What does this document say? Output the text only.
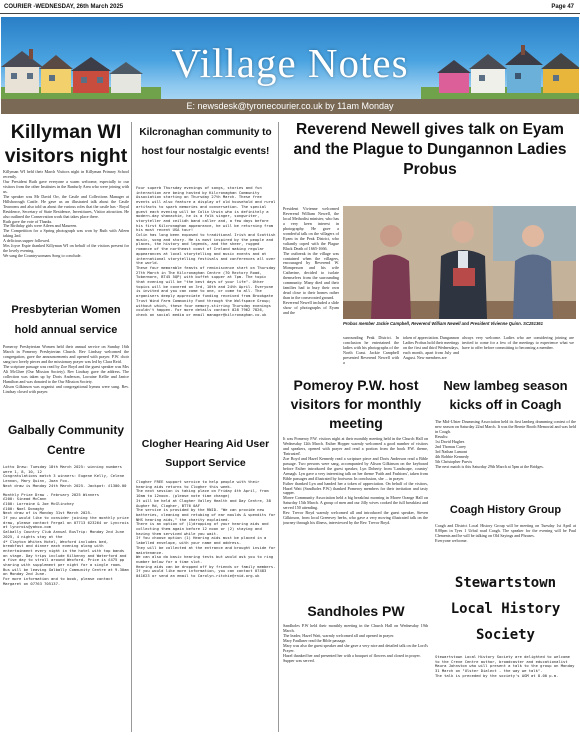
COURIER -WEDNESDAY, 26th March 2025	Page 47
Village Notes
E: newsdesk@tyronecourier.co.uk by 11am Monday
Killyman WI visitors night

Killyman WI held their March Visitors night in Killyman Primary School recently.

Our President Ruth gave everyone a warm welcome, especially to our visitors from the other Institutes in the Ranfurly Area who were joining with us.

The speaker was Mr David Orr, the Castle and Collections Manager at Hillsborough Castle. He gave us an illustrated talk about the Castle Tearooms and also told us about the various roles that the castle has - Royal Residence, Secretary of State Residence, Investitures, Visitor attraction. He also outlined the Conservation work that takes place there.

Ruth gave the vote of Thanks.

The Birthday girls were Aileen and Maureen.

The Competition for a Spring photograph was won by Ruth with Aileen taking 2nd.

A delicious supper followed.

Mrs Joyce Espie thanked Killyman WI on behalf of the visitors present for the lovely evening.

We sang the Countrywomans Song to conclude.

Presbyterian Women hold annual service

Pomeroy Presbyterian Women held their annual service on Sunday 16th March in Pomeroy Presbyterian Church. Rev Lindsay welcomed the congregation, gave the announcements and opened with prayer. P.W. choir sang two lovely pieces and the missionary prayer was led by Clara Reid.

The scripture passage was read by Zoe Boyd and the guest speaker was Mrs Ali McGhee (Our Mission Society). Rev Lindsay gave the address. The collection was taken up by Doris Anderson, Lorraine Kellie and Janice Hamilton and was donated to the Our Mission Society.

Alison Gilkinson was organist and congregational hymns were sung. Rev. Lindsay closed with prayer.

Galbally Community Centre

Lotto Draw: Tuesday 18th March 2025: winning numbers were 1, 8, 10, 12

Congratulations match 3 winners: Eugene Kelly, Celene Lennon, Mary Quinn, Joan Fox.

Next draw is Monday 24th March 2025. Jackpot: £1300.00

Monthly Prize Draw - February 2025 Winners

£200: Sinead McCann

£100: Lorraine & Joe McGlinchey

£100: Noel Donaghy

Next draw of is Monday 31st March 2025.

If you would like to consider joining the monthly prize draw, please contact Fergal on 07713 623264 or Lyncrois at lyncrois@yahoo.com

Galbally Country Club Annual BusTrip: Monday 2nd June 2025, 4 nights stay at the

4* Clayton Whites Hotel, Wexford includes bed, breakfast and dinner each evening along with entertainment every night in the hotel with top bands on stage. Day trips include Kilkenny and Waterford and a five day to stroll around Wexford. Price is £475 pp sharing with supplement per night for a single room. Bus will be leaving Galbally Community Centre at 9.30am on Monday 2nd June.

For more information and to book, please contact Margaret on 07763 705137.

Kilcronaghan community to host four nostalgic events!

Four superb Thursday evenings of songs, stories and fun interaction are being hosted by Kilcronaghan Community Association starting on Thursday 27th March. These free events will also feature a display of old household and rural artifacts to spark memories and conversation. The special guest each evening will be Colin Urwin who is definitely a modern-day shanachie, he is a folk singer, songwriter, storyteller and ceilidh band caller and, a few days before his first Kilcronaghan appearance, he will be returning from his most recent USA tour!

Colin has long been exposed to traditional Irish and Scottish music, song and story. He is most inspired by the people and places, the history and legends, and the sheer, rugged romance of the northeast coast of Ireland making regular appearances at local storytelling and music events and at international storytelling festivals and conferences all over the world.

These four memorable feasts of reminiscence start on Thursday 27th March in The Kilcronaghan Centre (70 Rectory Road, Tobermore, BT45 5QP) with buffet supper at 7pm. The topic that evening will be "the best days of your life". Other topics will be covered on 3rd, 10th and 24th April. Everyone is invited and you can come to one, or come to all. The organisers deeply appreciate funding received from Brookgate Trust Wind Farm Community Fund through the Wolfspace Group; without which, these four memory-stirring Thursday evenings couldn't happen. For more details contact 028 7962 7826, check on social media or email manager@kilcronaghan.co.uk

Clogher Hearing Aid User Support Service

Clogher FREE support service to help people with their hearing aids returns to Clogher this week.

The next session is taking place on Friday 4th April, from 10am to 12noon. (please note time change)

It will be held at Clogher Valley Health and Day Centre, 38 Augher Rd, Clogher, BT76 0AF

The service is provided by the RNID. "We can provide new batteries, cleaning and retubing of ear moulds & spendits for NHS hearing aids," the charity explained.

There is an option of (1)dropping of your hearing aids and collecting them again before 12 noon or (2) staying and having them serviced while you wait.

If You choose option (1) Hearing aids must be placed in a labelled envelope, with your name and address.

They will be collected at the entrance and brought inside for maintenance.

We can also do basic hearing tests but would ask you to ring number below for a time slot.

Hearing aids can be dropped off by friends or family members.

If you would like more information, you can contact 07483 041623 or send an email to Carolyn.ritchie@rnid.org.uk

Reverend Newell gives talk on Eyam and the Plague to Dungannon Ladies Probus

President Vivienne welcomed Reverend William Newell, the local Methodist minister, who has a very keen interest in photography. He gave a wonderful talk on the villagers of Eyam in the Peak District, who valiantly coped with the Plague Black Death of 1665-1666.

The outbreak in the village was contained when the villagers, encouraged by Reverend W. Mompesson and his wife Catherine, decided to isolate themselves from the surrounding community. Many died and their families had to bury their own dead close to their homes rather than in the consecrated ground.

Reverend Newell included a slide show of photographs of Eyam and the

Probus member Jackie Campbell, Reverend William Newell and President Vivienne Quinn. SC251361
surrounding Peak District. In conclusion he entertained the ladies with his photographs of the North Coast. Jackie Campbell presented Reverend Newell with a
token of appreciation. Dungannon Ladies Probus hold their meetings on the first and third Wednesdays, each month, apart from July and August. New members are
always very welcome. Ladies who are considering joining are invited to come for a few of the meetings to experience what we have to offer before committing to becoming a member.
Pomeroy P.W. host visitors for monthly meeting

It was Pomeroy P.W. visitors night at their monthly meeting held in the Church Hall on Wednesday 12th March. Esther Hopper warmly welcomed a good number of visitors and speakers, opened with prayer and read a portion from the book P.W. theme, 'Entrusted'.

Zoe Boyd and Hazel Kennedy read a scripture piece and Doris Anderson read a Bible passage. Two persons were sang, accompanied by Alison Gilkinson on the keyboard before Esther introduced the guest speaker, Lyn Doherty from 'Landscape, country' Armagh. Lyn gave a very interesting talk on her theme 'Faith and Fashions', taken from Bible passages and illustrated by footwear. In conclusion, she ... in prayer.

Esther thanked Lyn and handed her a token of appreciation. On behalf of the visitors, Hazel Watt (Sandholes P.W.) thanked Pomeroy members for their invitation and tasty supper.

Moree Community Association held a big breakfast morning in Moree Orange Hall on Saturday 15th March. A group of men and our Jilly wives cooked the full breakfast and served 150 attending.

Rev. Trevor Boyd warmly welcomed all and introduced the guest speaker, Steven Gilkinson, from local Greenvey herbs, who gave a very moving illustrated talk on the journey through his illness, interviewed by the Rev. Trevor Boyd.

Sandholes PW

Sandholes P.W held their monthly meeting in the Church Hall on Wednesday 19th March.

The leader, Hazel Watt, warmly welcomed all and opened in prayer.

Mary Faulkner read the Bible passage.

Mary was also the guest speaker and she gave a very nice and detailed talk on the Lord's Prayer.

Hazel thanked her and presented her with a bouquet of flowers and closed in prayer.

Supper was served.

New lambeg season kicks off in Coagh

The Mid-Ulster Drumming Association held its first lambeg drumming contest of the new season on Saturday 22nd March. It was the Bernie Booth Memorial and was held in Coagh.

Results:

1st David Hughes

2nd Thomas Carey

3rd Nathan Lamont

4th Robbie Kennedy

5th Christopher Purvis

The next match is this Saturday 29th March at 5pm at the Bridges.

Coagh History Group

Coagh and District Local History Group will be meeting on Tuesday 1st April at 8.00pm in Tyes 1 Urbal road Coagh. The speaker for the evening will be Paul Clements and he will be talking on Old Sayings and Phrases.

Everyone welcome.

Stewartstown Local History Society

Stewartstown Local History Society are delighted to welcome to the Creve Centre author, broadcaster and educationalist Maura Johnston who will present a talk to the group on Monday 31 March on "Ulster Dialect - the way we talk".

The talk is preceded by the society's AGM at 8.00 p.m.
